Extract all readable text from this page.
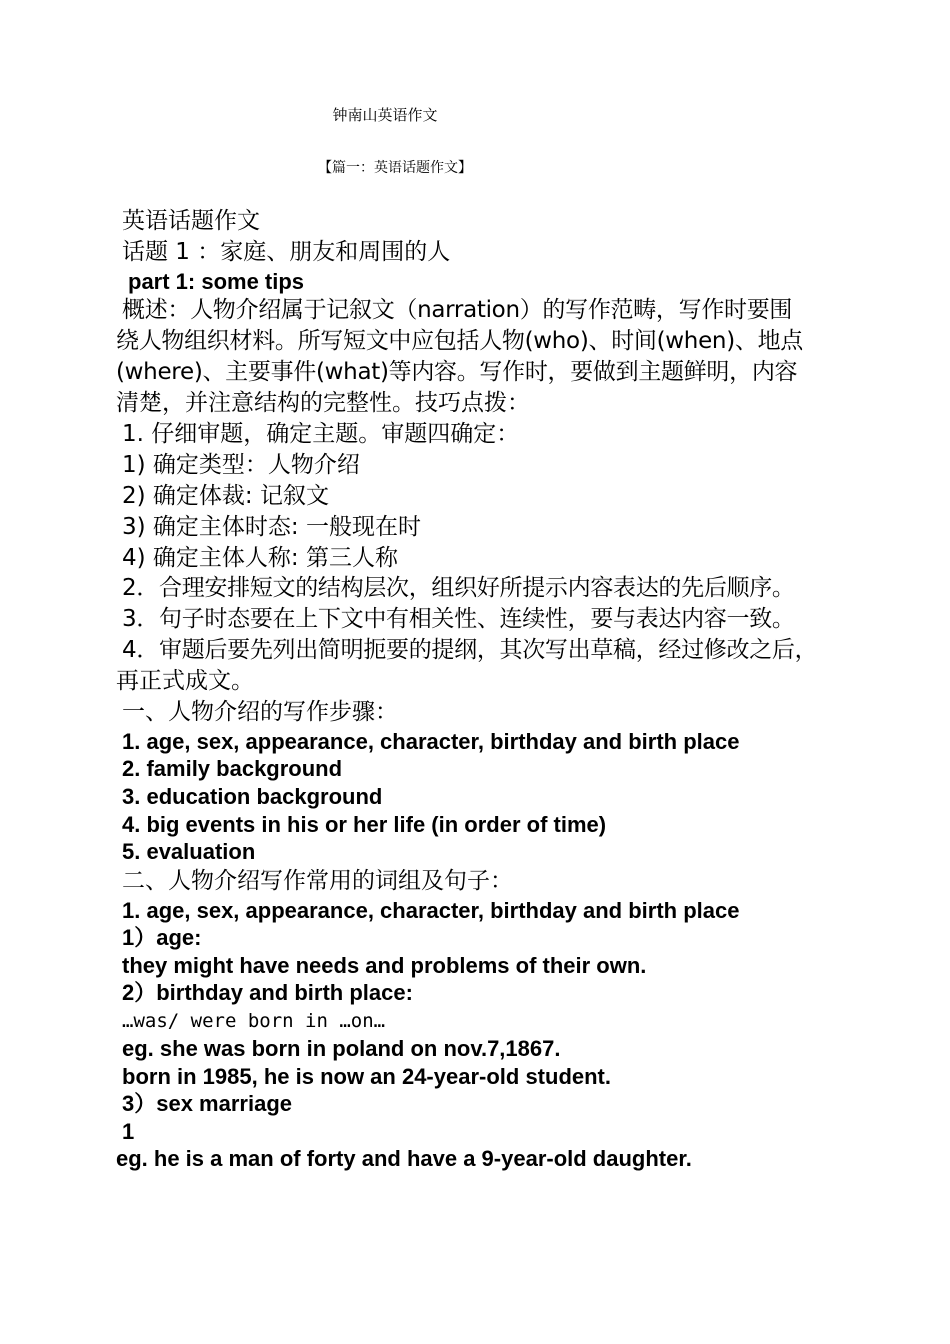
钟南山英语作文
【篇一：英语话题作文】
英语话题作文
话题 1 ：家庭、朋友和周围的人
part 1: some tips
概述：人物介绍属于记叙文（narration）的写作范畴，写作时要围
绕人物组织材料。所写短文中应包括人物(who)、时间(when)、地点
(where)、主要事件(what)等内容。写作时，要做到主题鲜明，内容
清楚，并注意结构的完整性。技巧点拨：
1. 仔细审题，确定主题。审题四确定：
1) 确定类型：人物介绍
2) 确定体裁: 记叙文
3) 确定主体时态: 一般现在时
4) 确定主体人称: 第三人称
2．合理安排短文的结构层次，组织好所提示内容表达的先后顺序。
3．句子时态要在上下文中有相关性、连续性，要与表达内容一致。
4．审题后要先列出简明扼要的提纲，其次写出草稿，经过修改之后，
再正式成文。
一、人物介绍的写作步骤：
1. age, sex, appearance, character, birthday and birth place
2. family background
3. education background
4. big events in his or her life (in order of time)
5. evaluation
二、人物介绍写作常用的词组及句子：
1. age, sex, appearance, character, birthday and birth place
1）age:
they might have needs and problems of their own.
2）birthday and birth place:
…was/ were born in …on…
eg. she was born in poland on nov.7,1867.
born in 1985, he is now an 24-year-old student.
3）sex marriage
1
eg. he is a man of forty and have a 9-year-old daughter.
